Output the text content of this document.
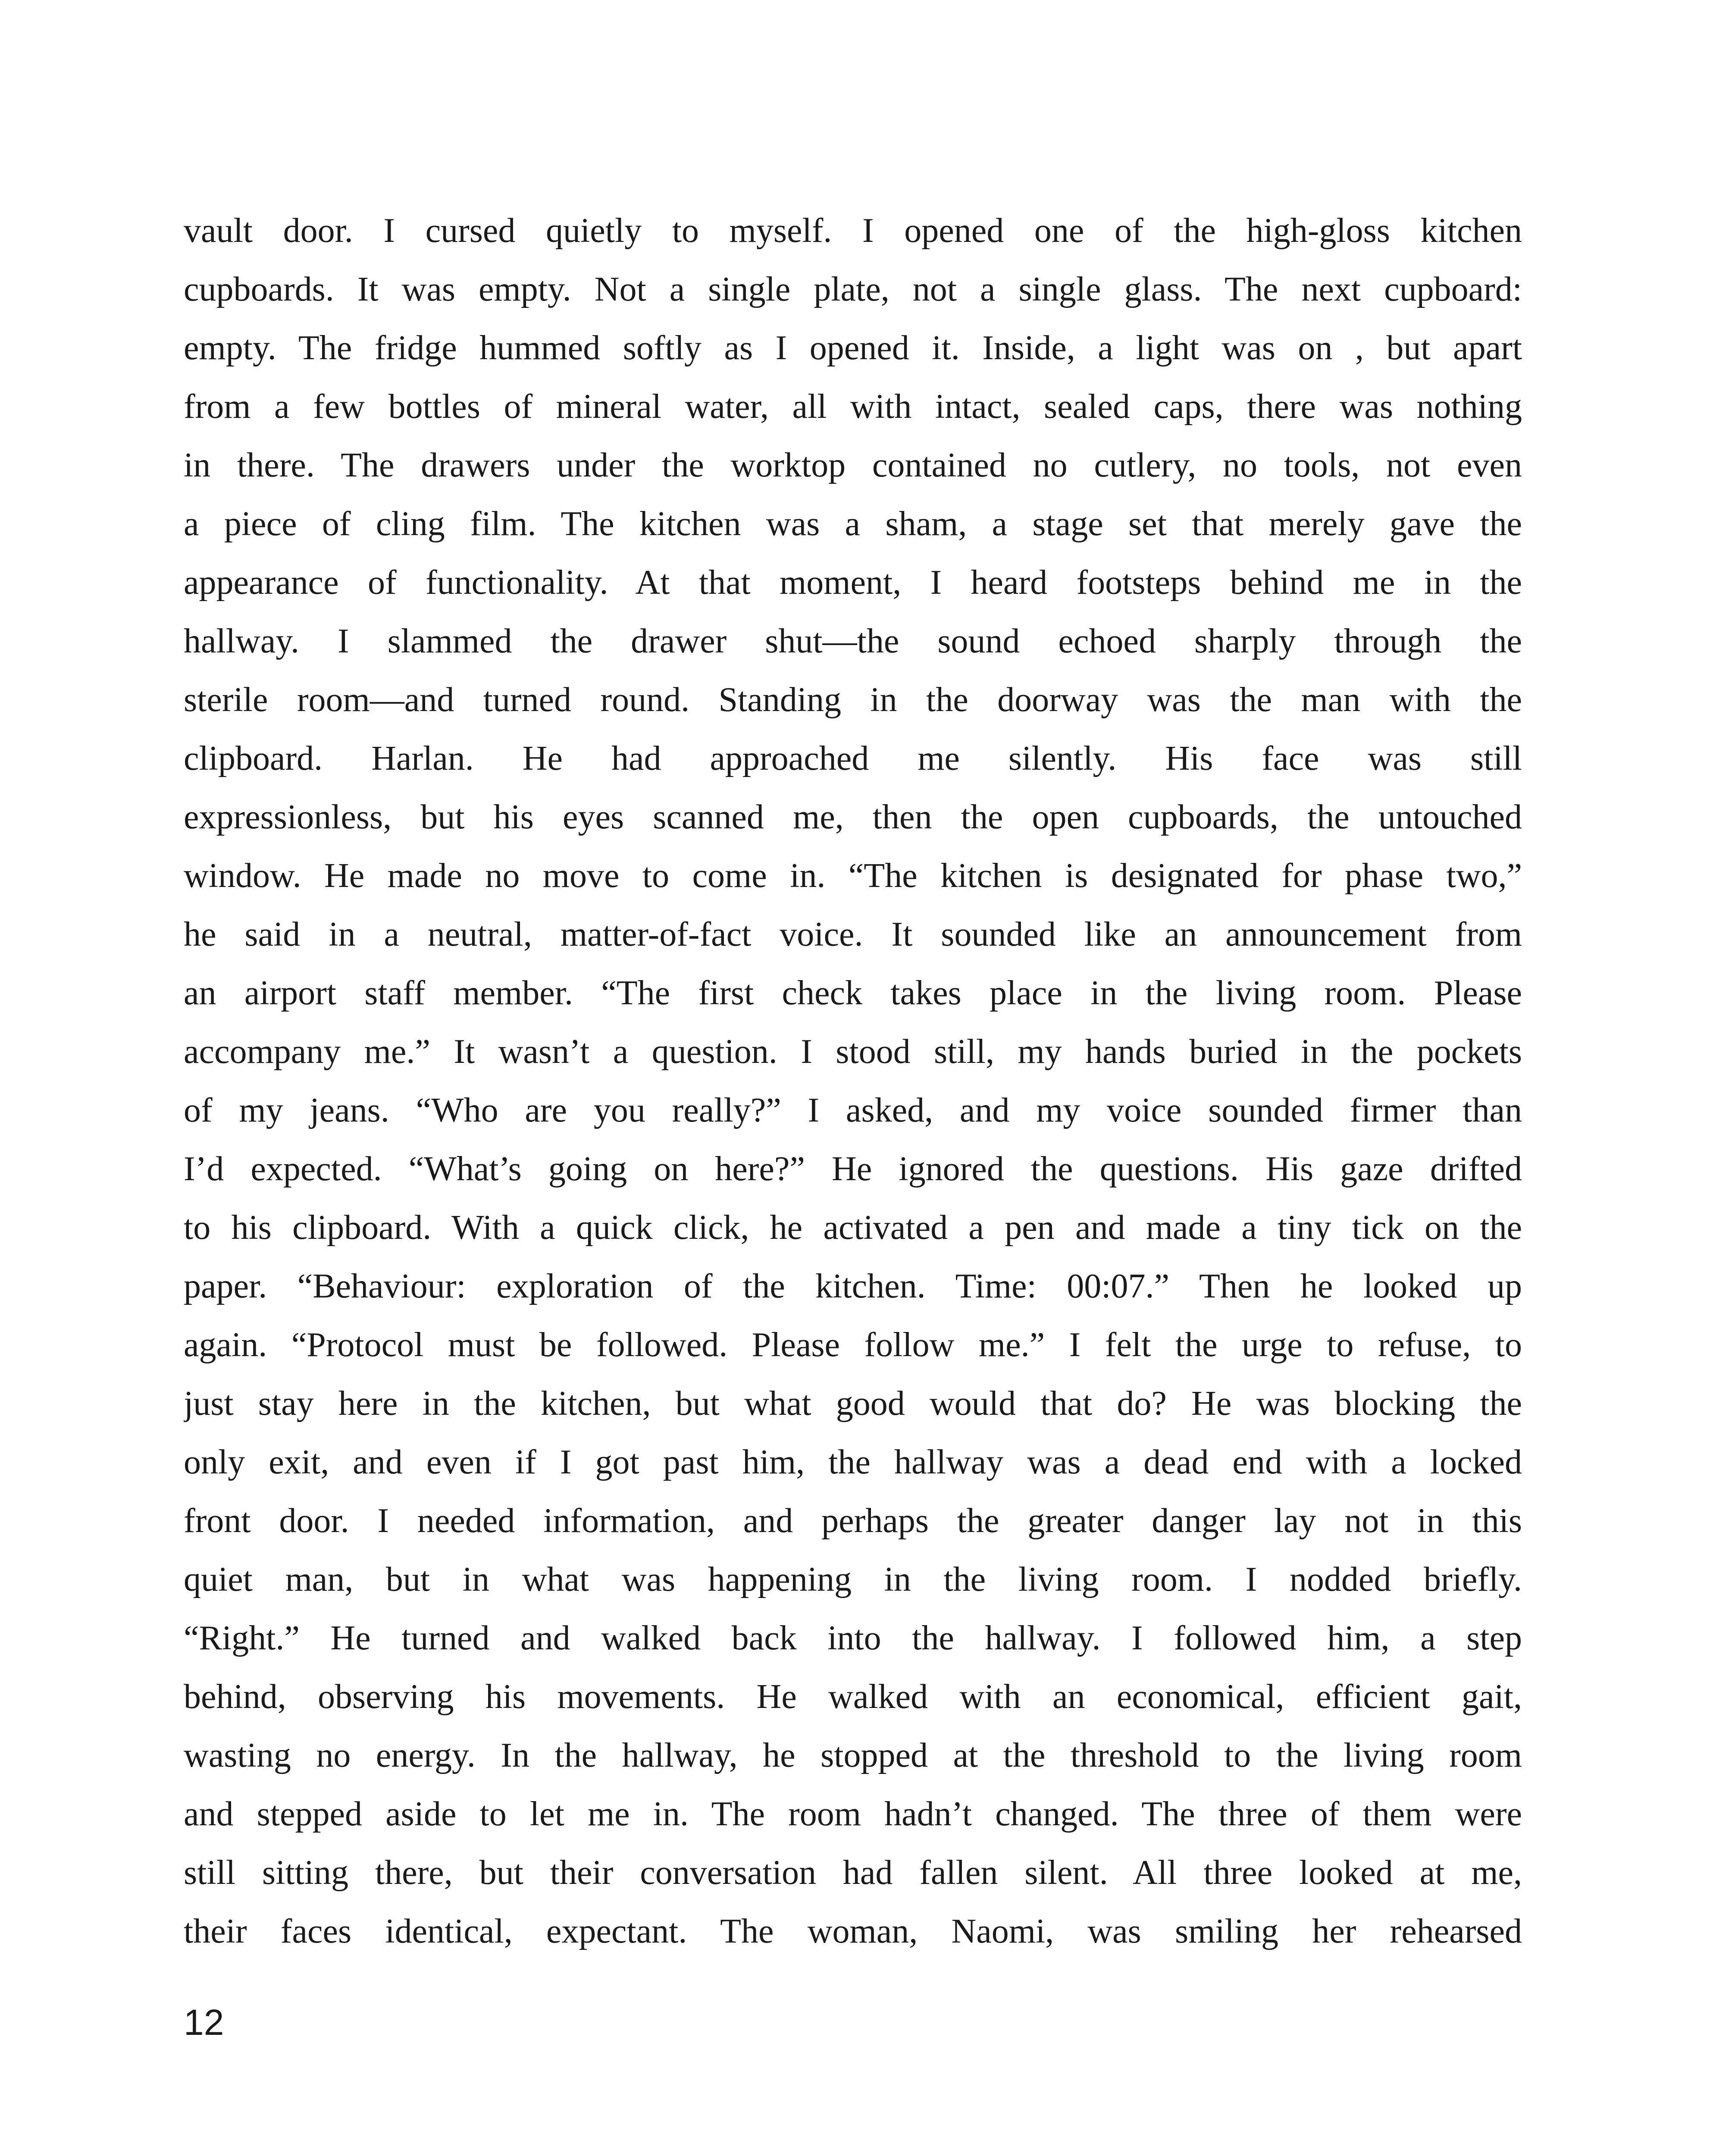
vault door. I cursed quietly to myself. I opened one of the high-gloss kitchen
cupboards. It was empty. Not a single plate, not a single glass. The next cupboard:
empty. The fridge hummed softly as I opened it. Inside, a light was on , but apart
from a few bottles of mineral water, all with intact, sealed caps, there was nothing
in there. The drawers under the worktop contained no cutlery, no tools, not even
a piece of cling film. The kitchen was a sham, a stage set that merely gave the
appearance of functionality. At that moment, I heard footsteps behind me in the
hallway. I slammed the drawer shut—the sound echoed sharply through the
sterile room—and turned round. Standing in the doorway was the man with the
clipboard. Harlan. He had approached me silently. His face was still
expressionless, but his eyes scanned me, then the open cupboards, the untouched
window. He made no move to come in. “The kitchen is designated for phase two,”
he said in a neutral, matter-of-fact voice. It sounded like an announcement from
an airport staff member. “The first check takes place in the living room. Please
accompany me.” It wasn’t a question. I stood still, my hands buried in the pockets
of my jeans. “Who are you really?” I asked, and my voice sounded firmer than
I’d expected. “What’s going on here?” He ignored the questions. His gaze drifted
to his clipboard. With a quick click, he activated a pen and made a tiny tick on the
paper. “Behaviour: exploration of the kitchen. Time: 00:07.” Then he looked up
again. “Protocol must be followed. Please follow me.” I felt the urge to refuse, to
just stay here in the kitchen, but what good would that do? He was blocking the
only exit, and even if I got past him, the hallway was a dead end with a locked
front door. I needed information, and perhaps the greater danger lay not in this
quiet man, but in what was happening in the living room. I nodded briefly.
“Right.” He turned and walked back into the hallway. I followed him, a step
behind, observing his movements. He walked with an economical, efficient gait,
wasting no energy. In the hallway, he stopped at the threshold to the living room
and stepped aside to let me in. The room hadn’t changed. The three of them were
still sitting there, but their conversation had fallen silent. All three looked at me,
their faces identical, expectant. The woman, Naomi, was smiling her rehearsed
12
